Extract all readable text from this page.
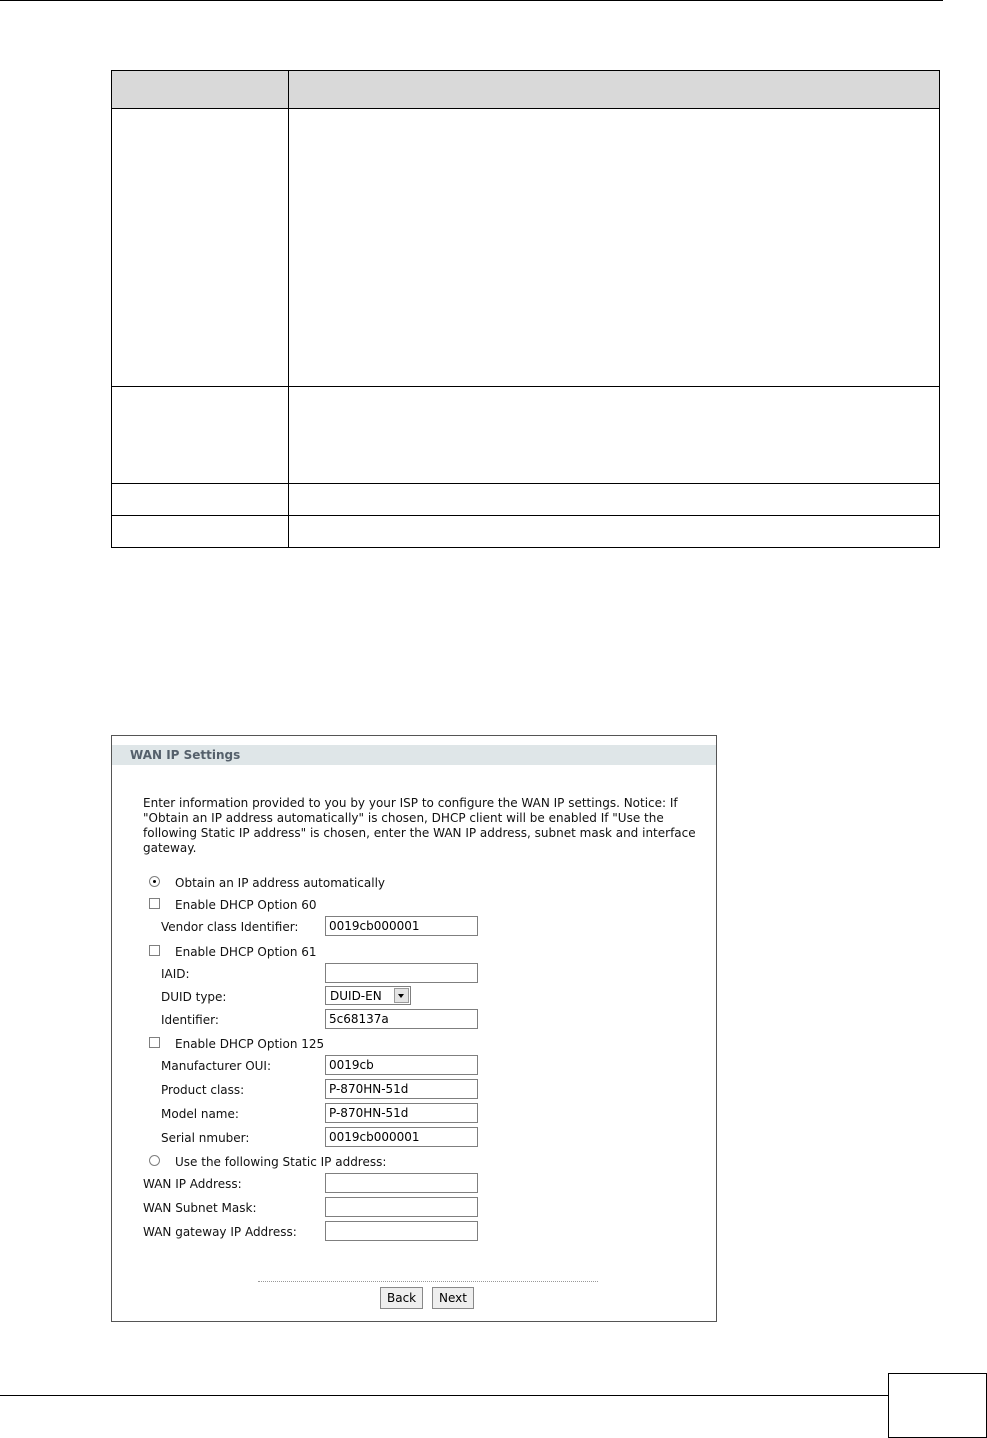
WAN IP Settings
Enter information provided to you by your ISP to configure the WAN IP settings. Notice: If "Obtain an IP address automatically" is chosen, DHCP client will be enabled If "Use the following Static IP address" is chosen, enter the WAN IP address, subnet mask and interface gateway.
Obtain an IP address automatically
Enable DHCP Option 60
Vendor class Identifier:
0019cb000001
Enable DHCP Option 61
IAID:
DUID type:	DUID-EN
Identifier:
5c68137a
Enable DHCP Option 125
Manufacturer OUI:
0019cb
Product class:
P-870HN-51d
Model name:
P-870HN-51d
Serial nmuber:
0019cb000001
Use the following Static IP address:
WAN IP Address:
WAN Subnet Mask:
WAN gateway IP Address:
Back	Next
